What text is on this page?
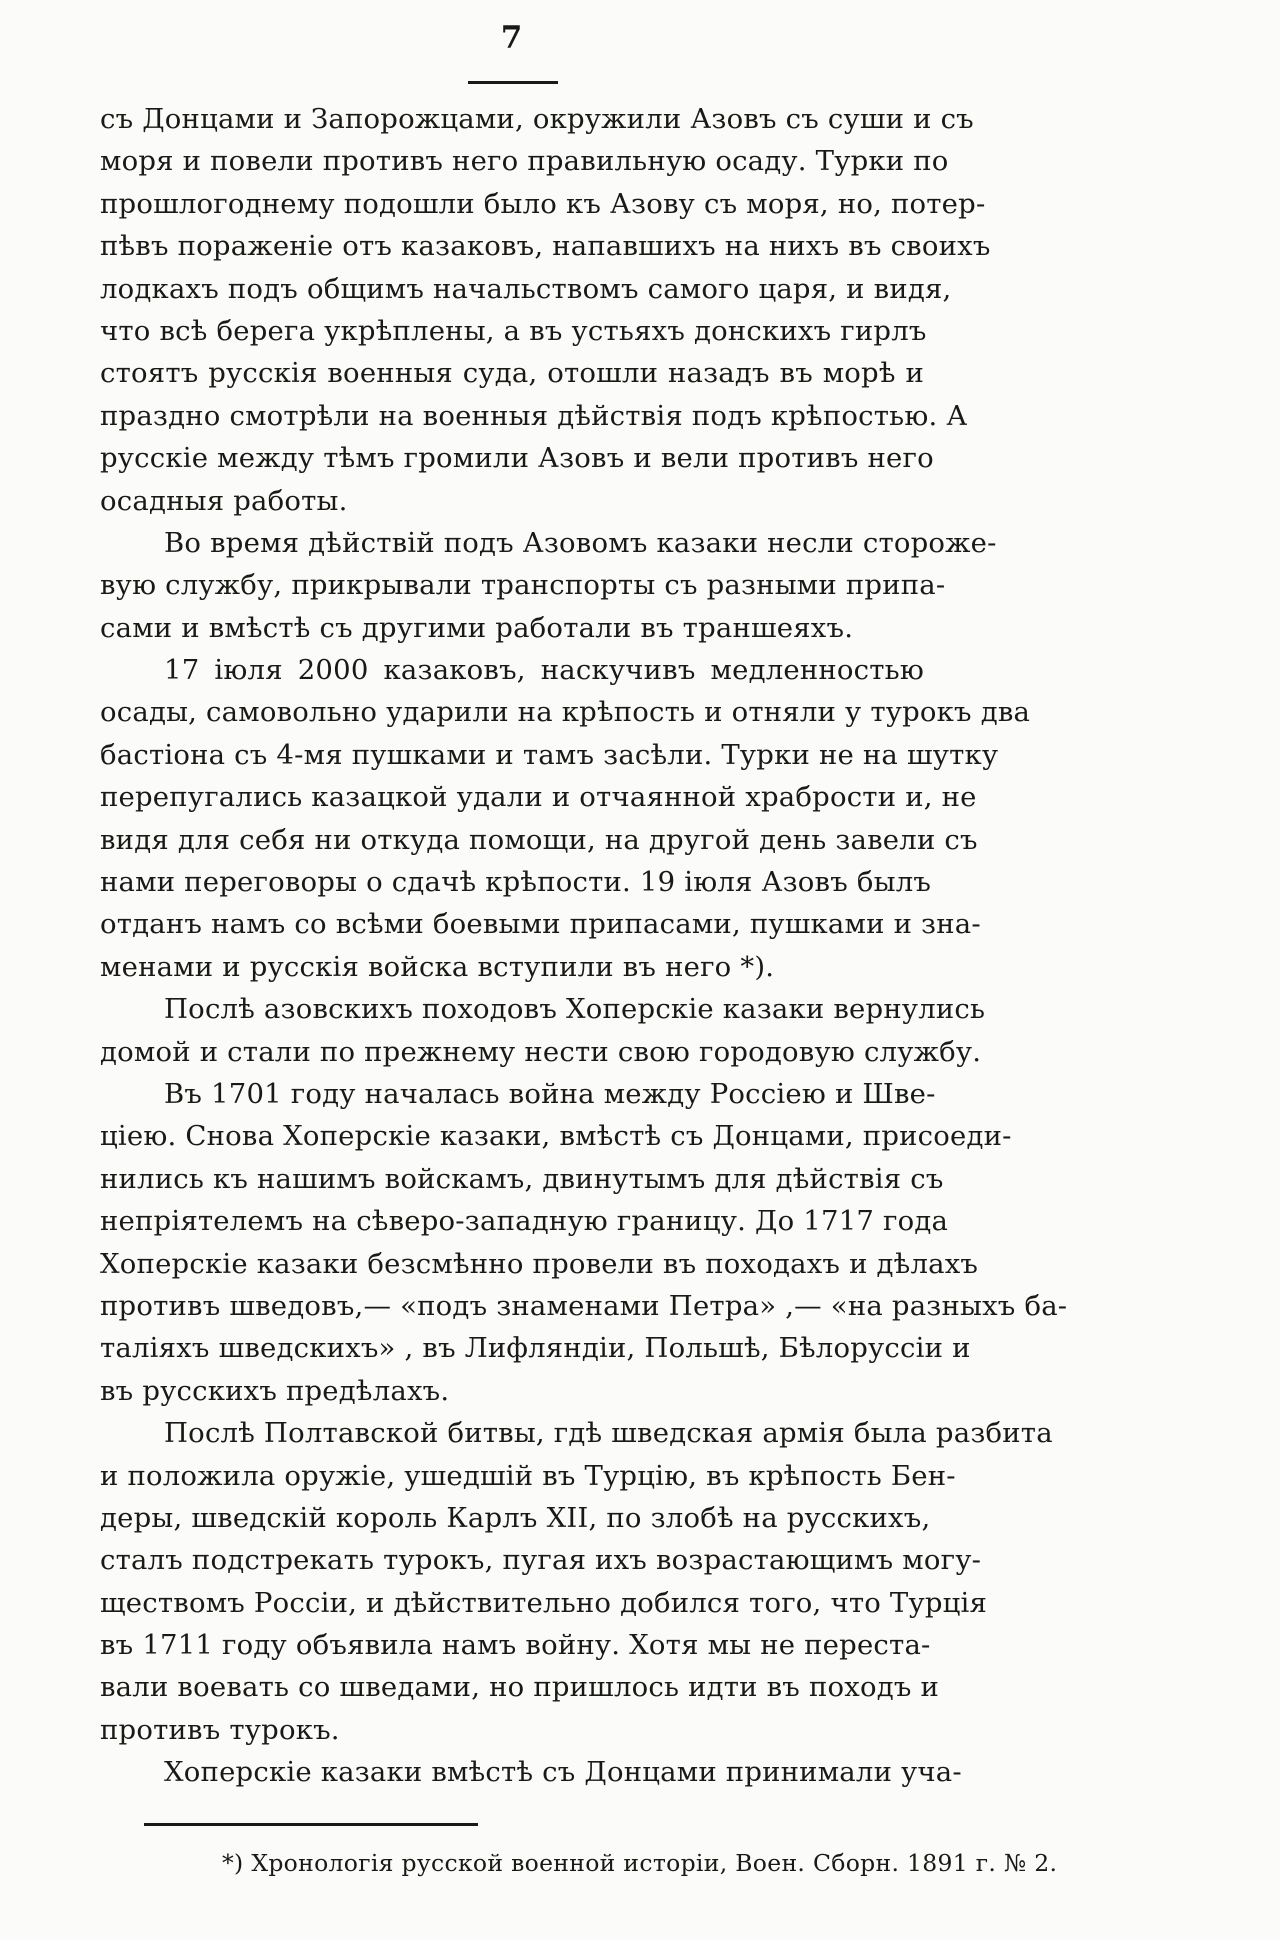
7
съ Донцами и Запорожцами, окружили Азовъ съ суши и съ
моря и повели противъ него правильную осаду. Турки по
прошлогоднему подошли было къ Азову съ моря, но, потер-
пѣвъ пораженіе отъ казаковъ, напавшихъ на нихъ въ своихъ
лодкахъ подъ общимъ начальствомъ самого царя, и видя,
что всѣ берега укрѣплены, а въ устьяхъ донскихъ гирлъ
стоятъ русскія военныя суда, отошли назадъ въ морѣ и
праздно смотрѣли на военныя дѣйствія подъ крѣпостью. А
русскіе между тѣмъ громили Азовъ и вели противъ него
осадныя работы.
Во время дѣйствій подъ Азовомъ казаки несли стороже-
вую службу, прикрывали транспорты съ разными припа-
сами и вмѣстѣ съ другими работали въ траншеяхъ.
17 іюля 2000 казаковъ, наскучивъ медленностью
осады, самовольно ударили на крѣпость и отняли у турокъ два
бастіона съ 4-мя пушками и тамъ засѣли. Турки не на шутку
перепугались казацкой удали и отчаянной храбрости и, не
видя для себя ни откуда помощи, на другой день завели съ
нами переговоры о сдачѣ крѣпости. 19 іюля Азовъ былъ
отданъ намъ со всѣми боевыми припасами, пушками и зна-
менами и русскія войска вступили въ него *).
Послѣ азовскихъ походовъ Хоперскіе казаки вернулись
домой и стали по прежнему нести свою городовую службу.
Въ 1701 году началась война между Россіею и Шве-
ціею. Снова Хоперскіе казаки, вмѣстѣ съ Донцами, присоеди-
нились къ нашимъ войскамъ, двинутымъ для дѣйствія съ
непріятелемъ на сѣверо-западную границу. До 1717 года
Хоперскіе казаки безсмѣнно провели въ походахъ и дѣлахъ
противъ шведовъ,— «подъ знаменами Петра» ,— «на разныхъ ба-
таліяхъ шведскихъ» , въ Лифляндіи, Польшѣ, Бѣлоруссіи и
въ русскихъ предѣлахъ.
Послѣ Полтавской битвы, гдѣ шведская армія была разбита
и положила оружіе, ушедшій въ Турцію, въ крѣпость Бен-
деры, шведскій король Карлъ XII, по злобѣ на русскихъ,
сталъ подстрекать турокъ, пугая ихъ возрастающимъ могу-
ществомъ Россіи, и дѣйствительно добился того, что Турція
въ 1711 году объявила намъ войну. Хотя мы не переста-
вали воевать со шведами, но пришлось идти въ походъ и
противъ турокъ.
Хоперскіе казаки вмѣстѣ съ Донцами принимали уча-
*) Хронологія русской военной исторіи, Воен. Сборн. 1891 г. № 2.
